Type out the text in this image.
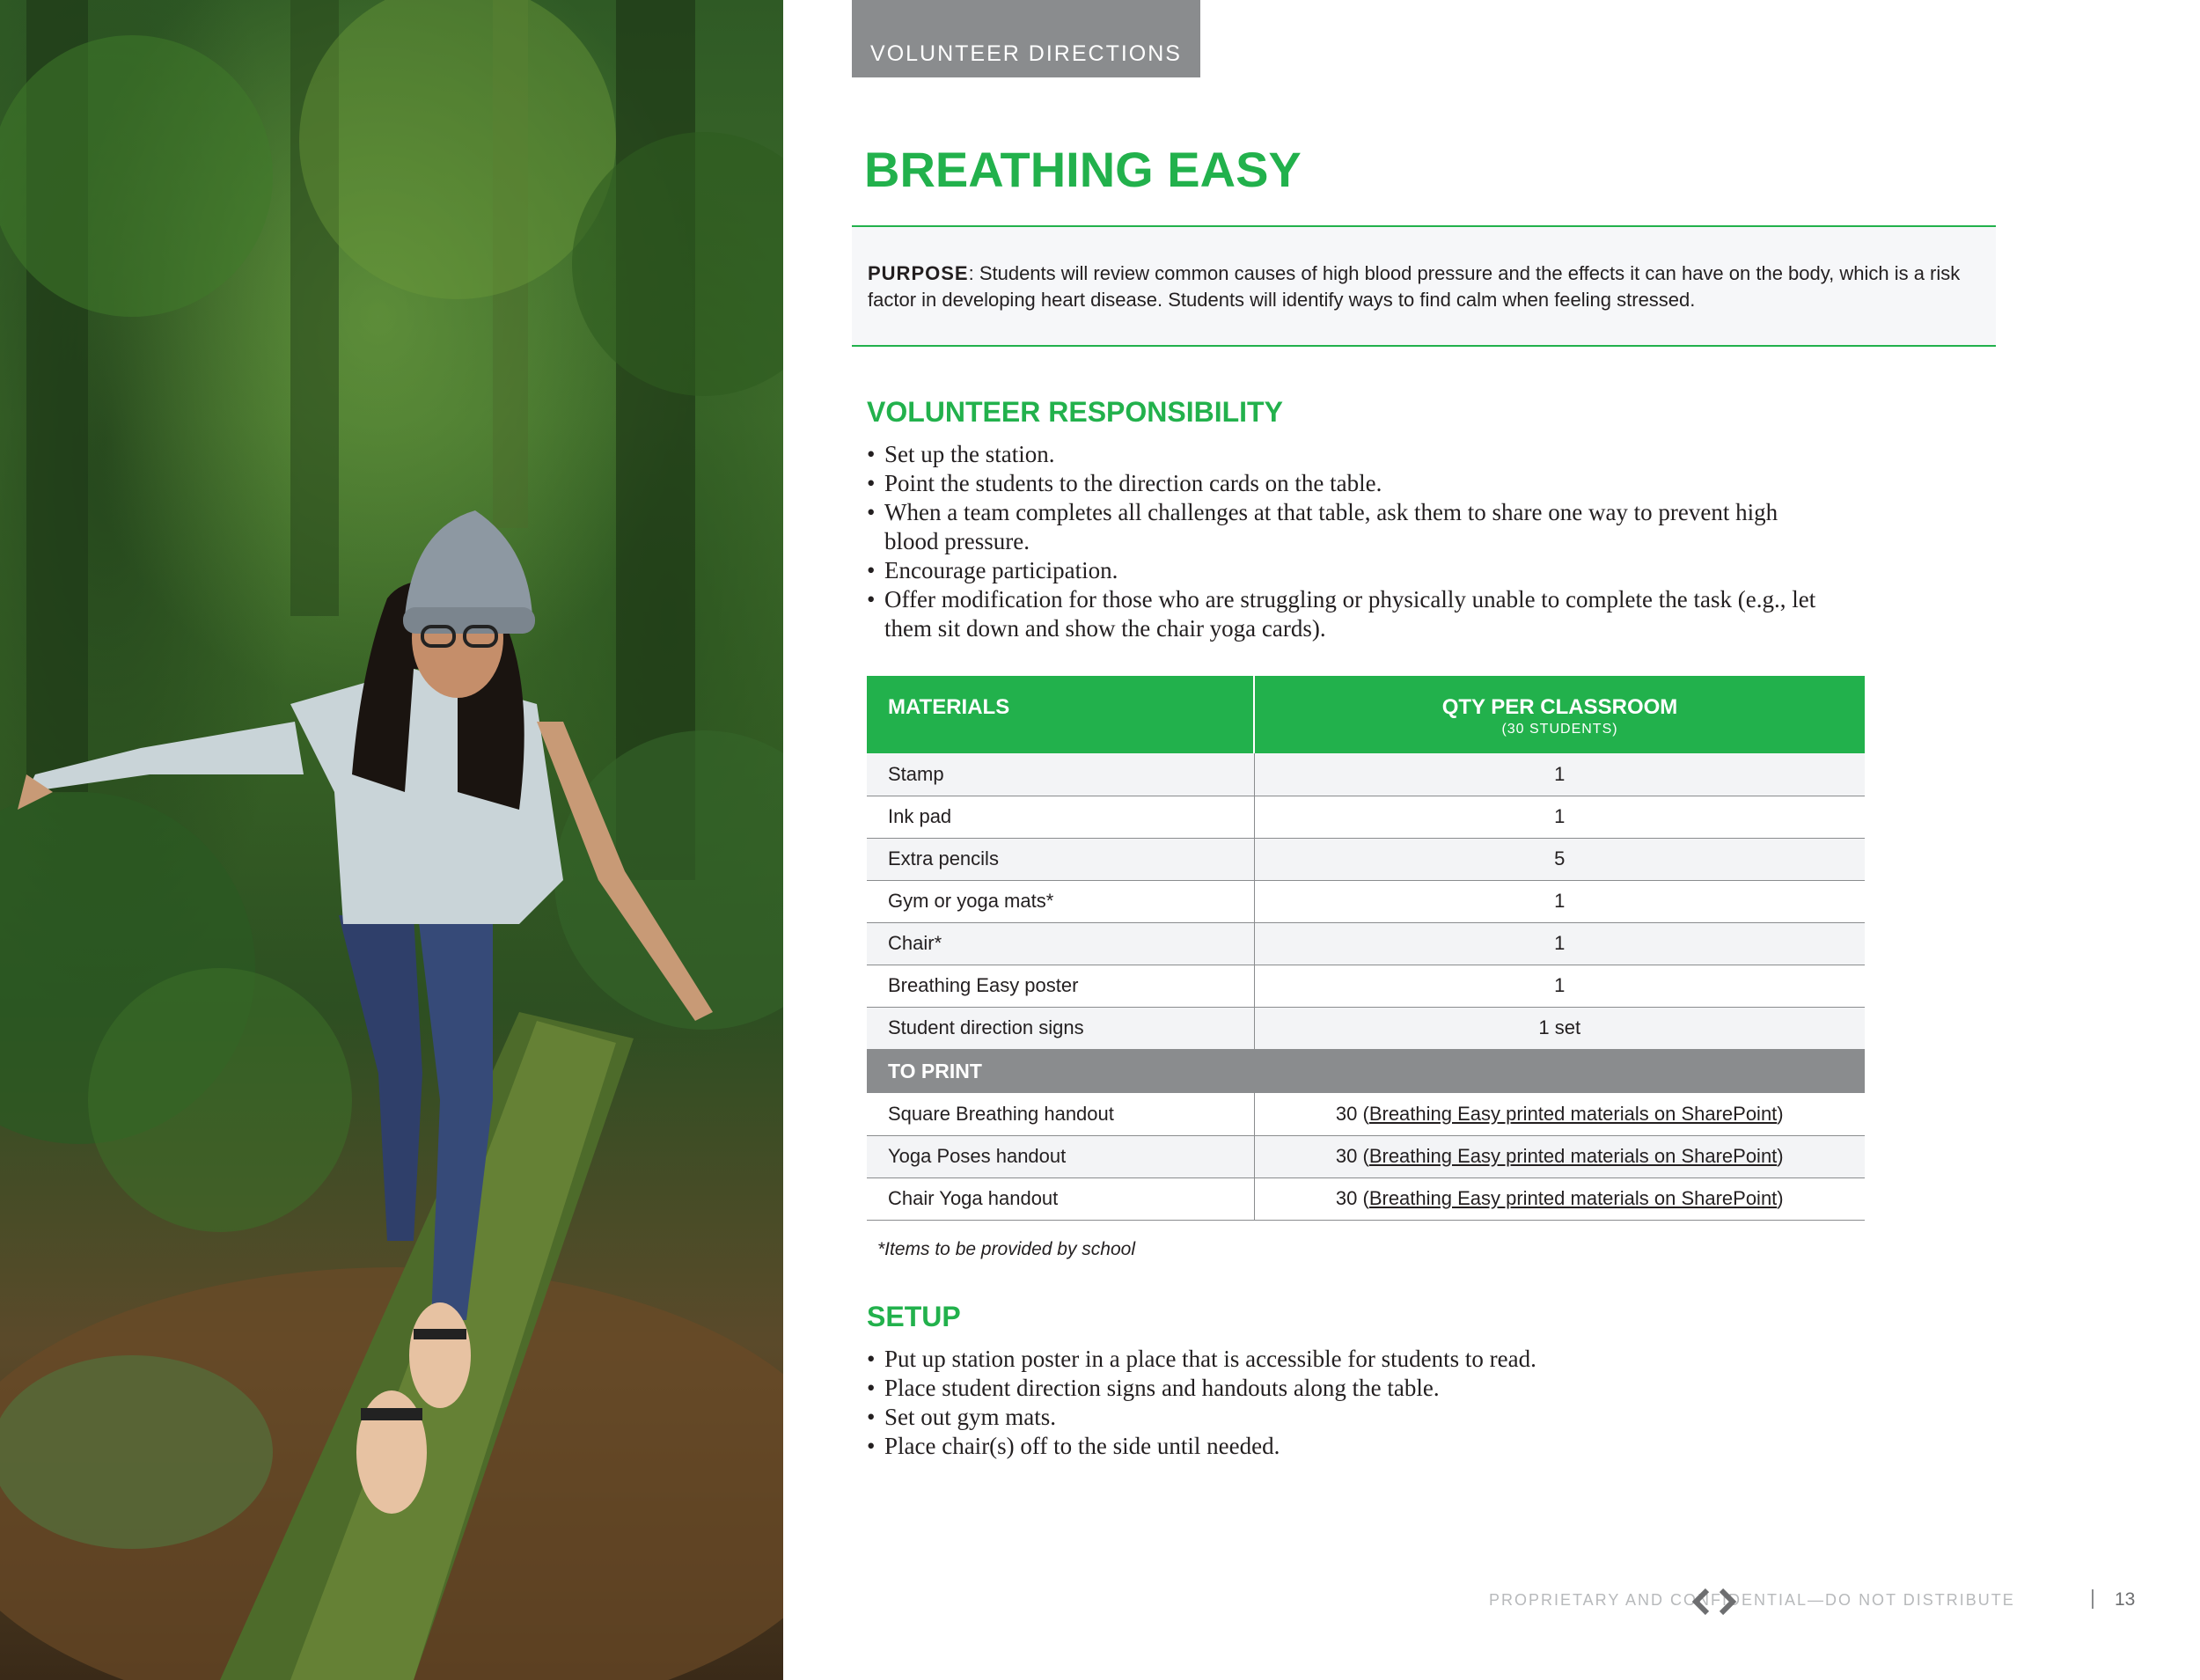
VOLUNTEER DIRECTIONS
BREATHING EASY
PURPOSE: Students will review common causes of high blood pressure and the effects it can have on the body, which is a risk factor in developing heart disease. Students will identify ways to find calm when feeling stressed.
VOLUNTEER RESPONSIBILITY
• Set up the station.
• Point the students to the direction cards on the table.
• When a team completes all challenges at that table, ask them to share one way to prevent high blood pressure.
• Encourage participation.
• Offer modification for those who are struggling or physically unable to complete the task (e.g., let them sit down and show the chair yoga cards).
MATERIALS	QTY PER CLASSROOM
(30 STUDENTS)

Stamp	1
Ink pad	1
Extra pencils	5
Gym or yoga mats*	1
Chair*	1
Breathing Easy poster	1
Student direction signs	1 set
TO PRINT	
Square Breathing handout	30 (Breathing Easy printed materials on SharePoint)
Yoga Poses handout	30 (Breathing Easy printed materials on SharePoint)
Chair Yoga handout	30 (Breathing Easy printed materials on SharePoint)
*Items to be provided by school
SETUP
• Put up station poster in a place that is accessible for students to read.
• Place student direction signs and handouts along the table.
• Set out gym mats.
• Place chair(s) off to the side until needed.
PROPRIETARY AND CONFIDENTIAL—DO NOT DISTRIBUTE	13
